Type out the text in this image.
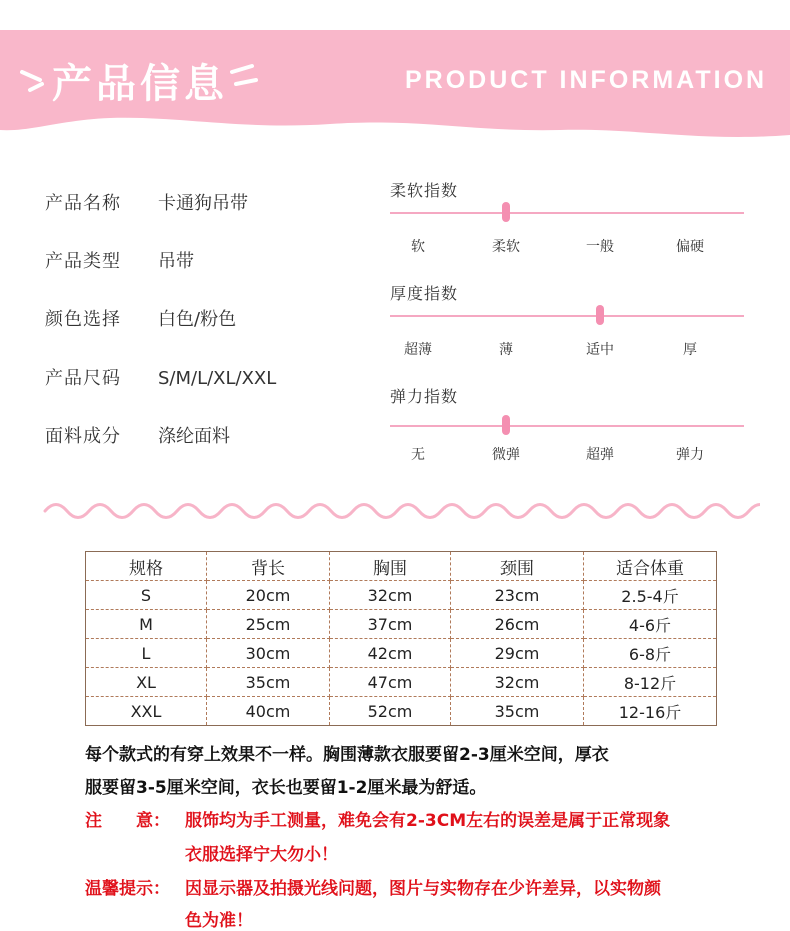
产品信息	PRODUCT INFORMATION
产品名称 卡通狗吊带
产品类型 吊带
颜色选择 白色/粉色
产品尺码 S/M/L/XL/XXL
面料成分 涤纶面料
柔软指数
软	柔软	一般	偏硬
厚度指数
超薄	薄	适中	厚
弹力指数
无	微弹	超弹	弹力
规格	背长	胸围	颈围	适合体重
S	20cm	32cm	23cm	2.5-4斤
M	25cm	37cm	26cm	4-6斤
L	30cm	42cm	29cm	6-8斤
XL	35cm	47cm	32cm	8-12斤
XXL	40cm	52cm	35cm	12-16斤
每个款式的有穿上效果不一样。胸围薄款衣服要留2-3厘米空间，厚衣
服要留3-5厘米空间，衣长也要留1-2厘米最为舒适。
注　　意： 服饰均为手工测量，难免会有2-3CM左右的误差是属于正常现象
衣服选择宁大勿小！
温馨提示： 因显示器及拍摄光线问题，图片与实物存在少许差异，以实物颜
色为准！
